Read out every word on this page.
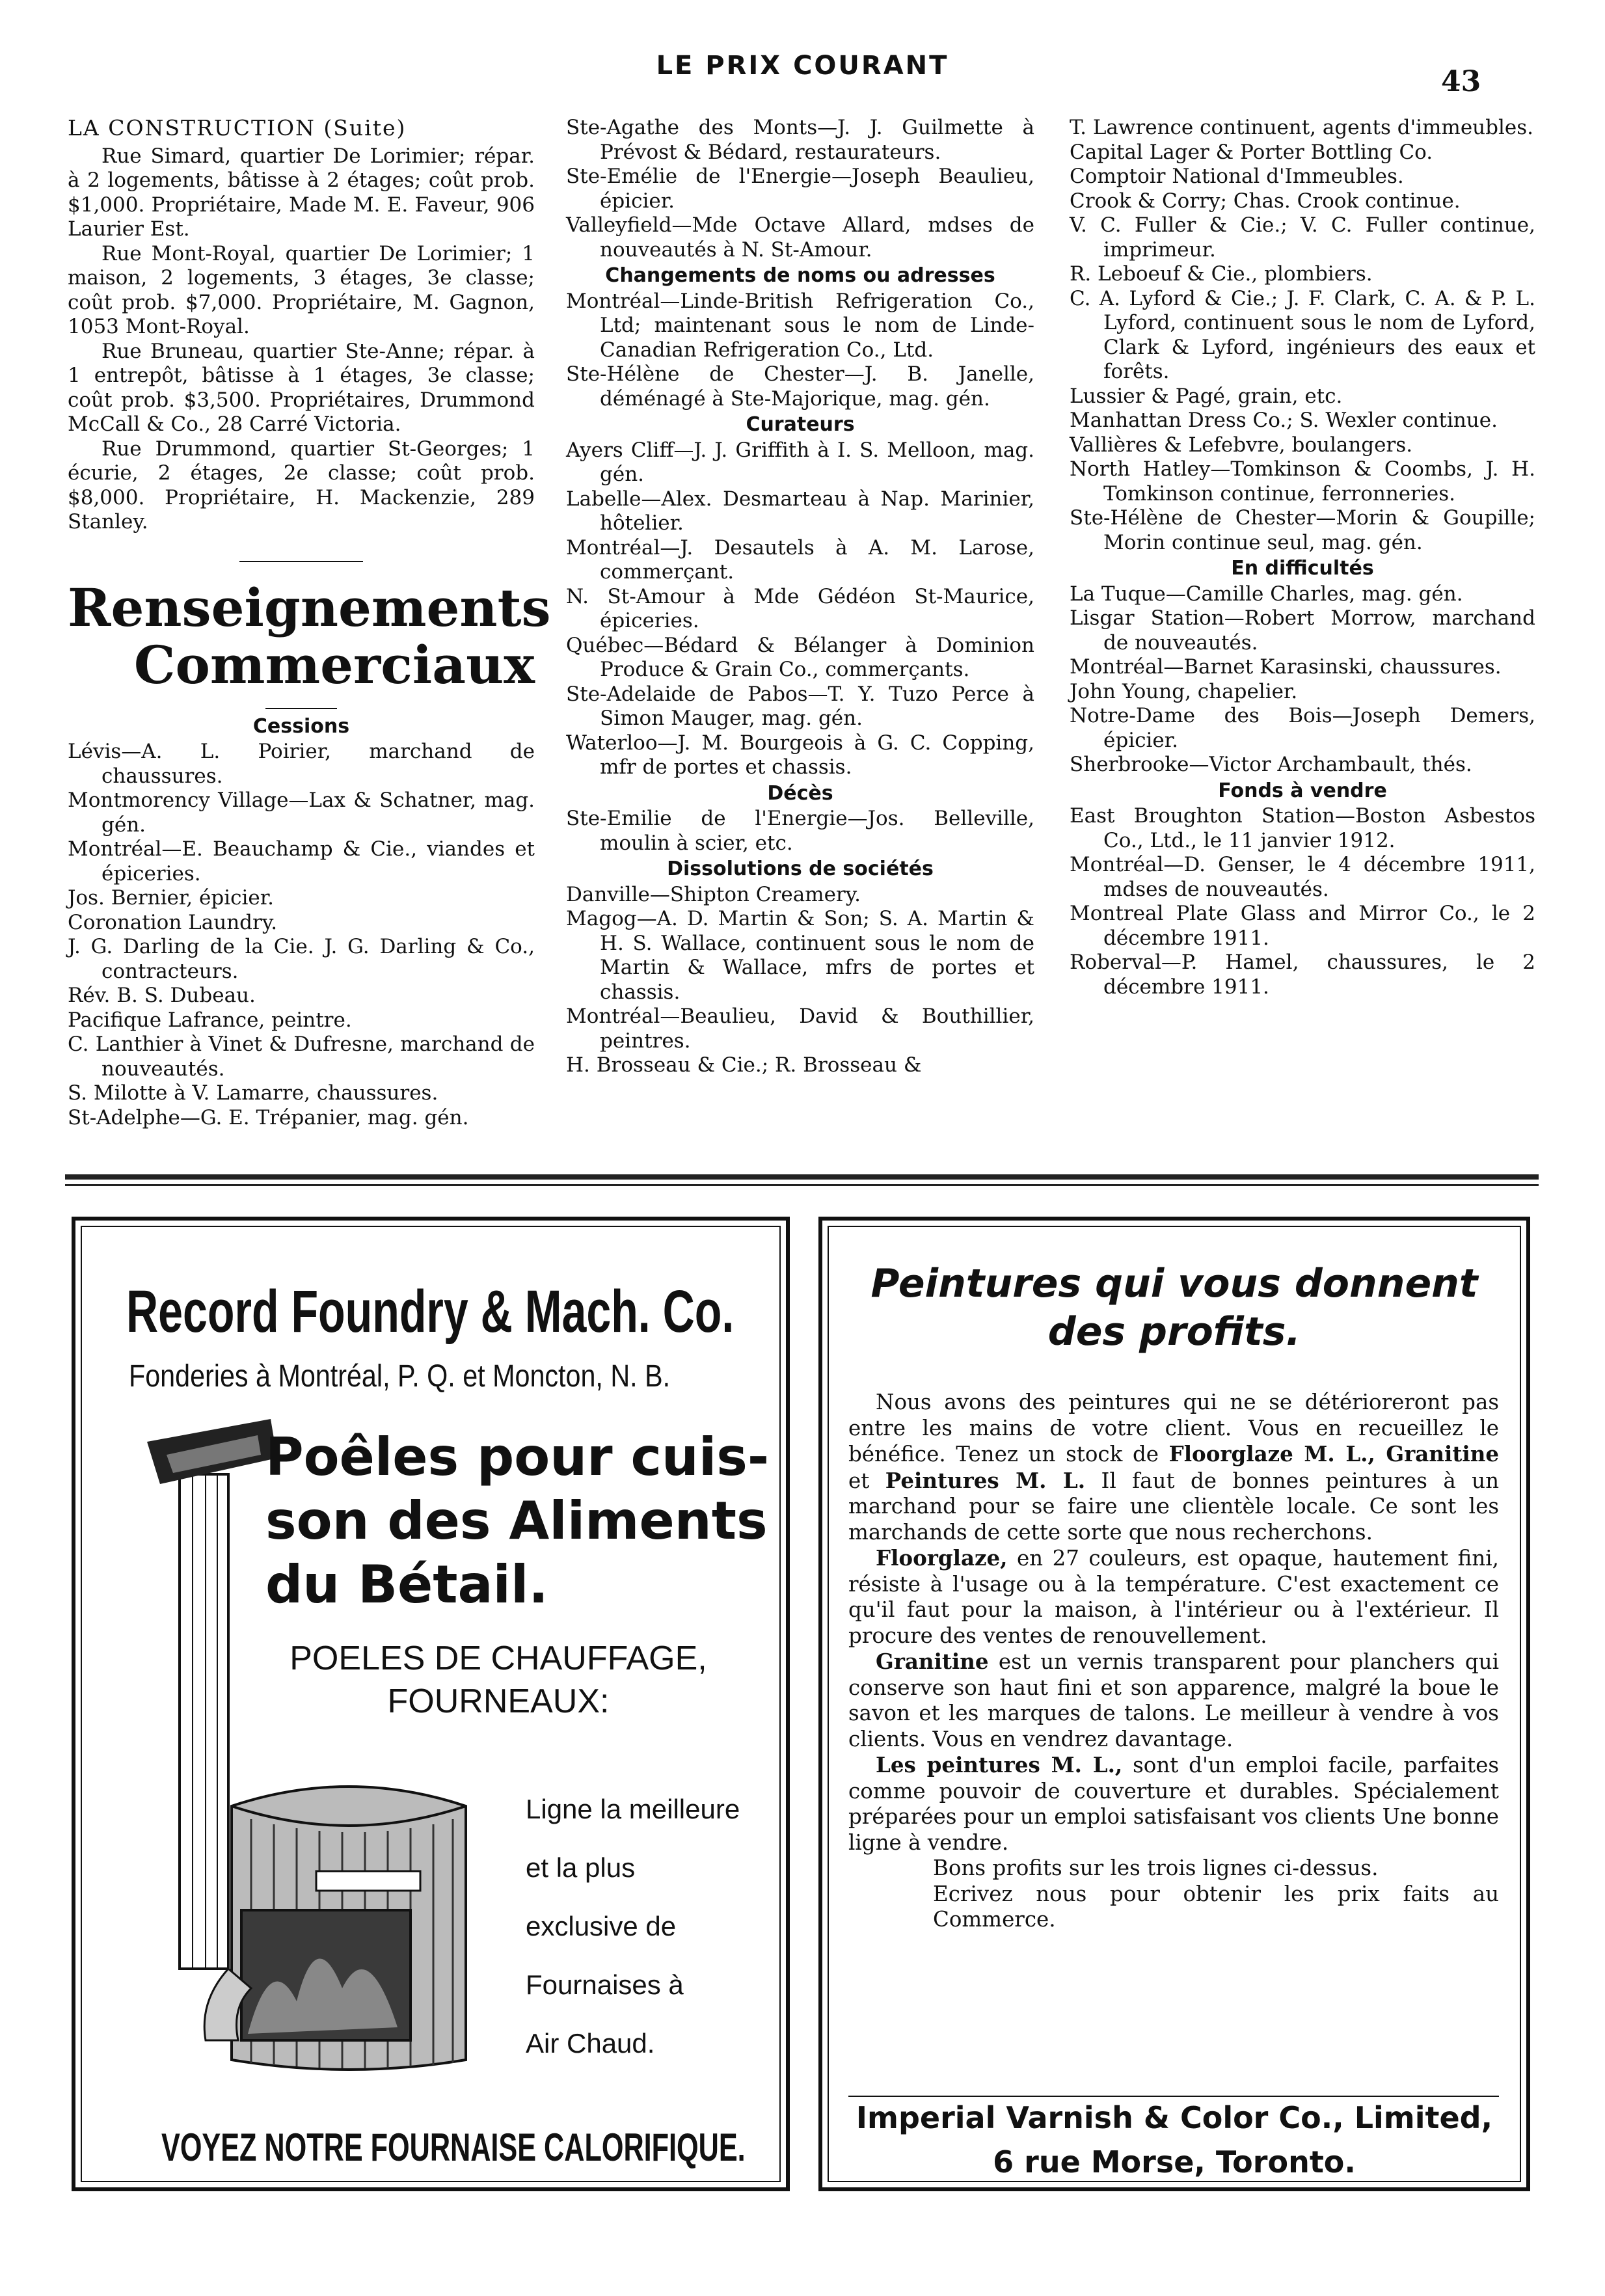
LE PRIX COURANT	43

LA CONSTRUCTION (Suite)

Rue Simard, quartier De Lorimier; répar. à 2 logements, bâtisse à 2 étages; coût prob. $1,000. Propriétaire, Made M. E. Faveur, 906 Laurier Est.

Rue Mont-Royal, quartier De Lorimier; 1 maison, 2 logements, 3 étages, 3e classe; coût prob. $7,000. Propriétaire, M. Gagnon, 1053 Mont-Royal.

Rue Bruneau, quartier Ste-Anne; répar. à 1 entrepôt, bâtisse à 1 étages, 3e classe; coût prob. $3,500. Propriétaires, Drummond McCall & Co., 28 Carré Victoria.

Rue Drummond, quartier St-Georges; 1 écurie, 2 étages, 2e classe; coût prob. $8,000. Propriétaire, H. Mackenzie, 289 Stanley.

Renseignements
Commerciaux
Cessions

Lévis—A. L. Poirier, marchand de chaussures.

Montmorency Village—Lax & Schatner, mag. gén.

Montréal—E. Beauchamp & Cie., viandes et épiceries.

Jos. Bernier, épicier.

Coronation Laundry.

J. G. Darling de la Cie. J. G. Darling & Co., contracteurs.

Rév. B. S. Dubeau.

Pacifique Lafrance, peintre.

C. Lanthier à Vinet & Dufresne, marchand de nouveautés.

S. Milotte à V. Lamarre, chaussures.

St-Adelphe—G. E. Trépanier, mag. gén.

Ste-Agathe des Monts—J. J. Guilmette à Prévost & Bédard, restaurateurs.

Ste-Emélie de l'Energie—Joseph Beaulieu, épicier.

Valleyfield—Mde Octave Allard, mdses de nouveautés à N. St-Amour.

Changements de noms ou adresses

Montréal—Linde-British Refrigeration Co., Ltd; maintenant sous le nom de Linde-Canadian Refrigeration Co., Ltd.

Ste-Hélène de Chester—J. B. Janelle, déménagé à Ste-Majorique, mag. gén.

Curateurs

Ayers Cliff—J. J. Griffith à I. S. Melloon, mag. gén.

Labelle—Alex. Desmarteau à Nap. Marinier, hôtelier.

Montréal—J. Desautels à A. M. Larose, commerçant.

N. St-Amour à Mde Gédéon St-Maurice, épiceries.

Québec—Bédard & Bélanger à Dominion Produce & Grain Co., commerçants.

Ste-Adelaide de Pabos—T. Y. Tuzo Perce à Simon Mauger, mag. gén.

Waterloo—J. M. Bourgeois à G. C. Copping, mfr de portes et chassis.

Décès

Ste-Emilie de l'Energie—Jos. Belleville, moulin à scier, etc.

Dissolutions de sociétés

Danville—Shipton Creamery.

Magog—A. D. Martin & Son; S. A. Martin & H. S. Wallace, continuent sous le nom de Martin & Wallace, mfrs de portes et chassis.

Montréal—Beaulieu, David & Bouthillier, peintres.

H. Brosseau & Cie.; R. Brosseau &

T. Lawrence continuent, agents d'immeubles.

Capital Lager & Porter Bottling Co.

Comptoir National d'Immeubles.

Crook & Corry; Chas. Crook continue.

V. C. Fuller & Cie.; V. C. Fuller continue, imprimeur.

R. Leboeuf & Cie., plombiers.

C. A. Lyford & Cie.; J. F. Clark, C. A. & P. L. Lyford, continuent sous le nom de Lyford, Clark & Lyford, ingénieurs des eaux et forêts.

Lussier & Pagé, grain, etc.

Manhattan Dress Co.; S. Wexler continue.

Vallières & Lefebvre, boulangers.

North Hatley—Tomkinson & Coombs, J. H. Tomkinson continue, ferronneries.

Ste-Hélène de Chester—Morin & Goupille; Morin continue seul, mag. gén.

En difficultés

La Tuque—Camille Charles, mag. gén.

Lisgar Station—Robert Morrow, marchand de nouveautés.

Montréal—Barnet Karasinski, chaussures.

John Young, chapelier.

Notre-Dame des Bois—Joseph Demers, épicier.

Sherbrooke—Victor Archambault, thés.

Fonds à vendre

East Broughton Station—Boston Asbestos Co., Ltd., le 11 janvier 1912.

Montréal—D. Genser, le 4 décembre 1911, mdses de nouveautés.

Montreal Plate Glass and Mirror Co., le 2 décembre 1911.

Roberval—P. Hamel, chaussures, le 2 décembre 1911.

Record Foundry & Mach. Co.
Fonderies à Montréal, P. Q. et Moncton, N. B.
Poêles pour cuis-
son des Aliments
du Bétail.
POELES DE CHAUFFAGE,
FOURNEAUX:
Ligne la meilleure
et la plus
exclusive de
Fournaises à
Air Chaud.
VOYEZ NOTRE FOURNAISE CALORIFIQUE.
Peintures qui vous donnent
des profits.

Nous avons des peintures qui ne se détérioreront pas entre les mains de votre client. Vous en recueillez le bénéfice. Tenez un stock de Floorglaze M. L., Granitine et Peintures M. L. Il faut de bonnes peintures à un marchand pour se faire une clientèle locale. Ce sont les marchands de cette sorte que nous recherchons.

Floorglaze, en 27 couleurs, est opaque, hautement fini, résiste à l'usage ou à la température. C'est exactement ce qu'il faut pour la maison, à l'intérieur ou à l'extérieur. Il procure des ventes de renouvellement.

Granitine est un vernis transparent pour planchers qui conserve son haut fini et son apparence, malgré la boue le savon et les marques de talons. Le meilleur à vendre à vos clients. Vous en vendrez davantage.

Les peintures M. L., sont d'un emploi facile, parfaites comme pouvoir de couverture et durables. Spécialement préparées pour un emploi satisfaisant vos clients Une bonne ligne à vendre.

Bons profits sur les trois lignes ci-dessus.

Ecrivez nous pour obtenir les prix faits au Commerce.

Imperial Varnish & Color Co., Limited,
6 rue Morse, Toronto.
